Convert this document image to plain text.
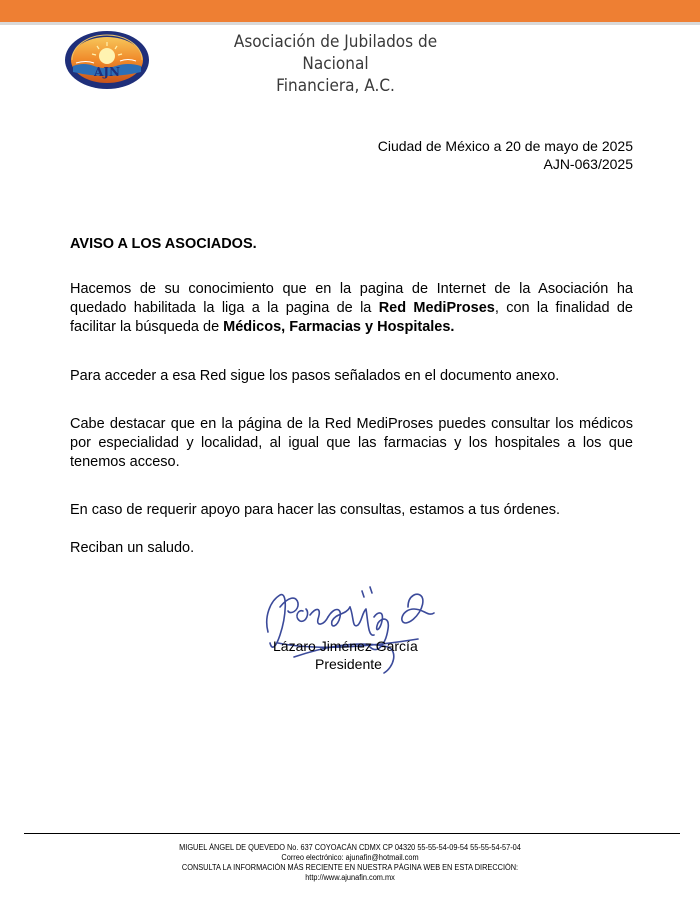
AJN
Asociación de Jubilados de Nacional
Financiera, A.C.
Ciudad de México a 20 de mayo de 2025
AJN-063/2025
AVISO A LOS ASOCIADOS.
Hacemos de su conocimiento que en la pagina de Internet de la Asociación ha quedado habilitada la liga a la pagina de la Red MediProses, con la finalidad de facilitar la búsqueda de Médicos, Farmacias y Hospitales.
Para acceder a esa Red sigue los pasos señalados en el documento anexo.
Cabe destacar que en la página de la Red MediProses puedes consultar los médicos por especialidad y localidad, al igual que las farmacias y los hospitales a los que tenemos acceso.
En caso de requerir apoyo para hacer las consultas, estamos a tus órdenes.
Reciban un saludo.
Lázaro Jiménez García
Presidente
MIGUEL ÁNGEL DE QUEVEDO No. 637 COYOACÁN CDMX CP 04320 55-55-54-09-54 55-55-54-57-04
Correo electrónico: ajunafin@hotmail.com
CONSULTA LA INFORMACIÓN MÁS RECIENTE EN NUESTRA PÁGINA WEB EN ESTA DIRECCIÓN:
http://www.ajunafin.com.mx
